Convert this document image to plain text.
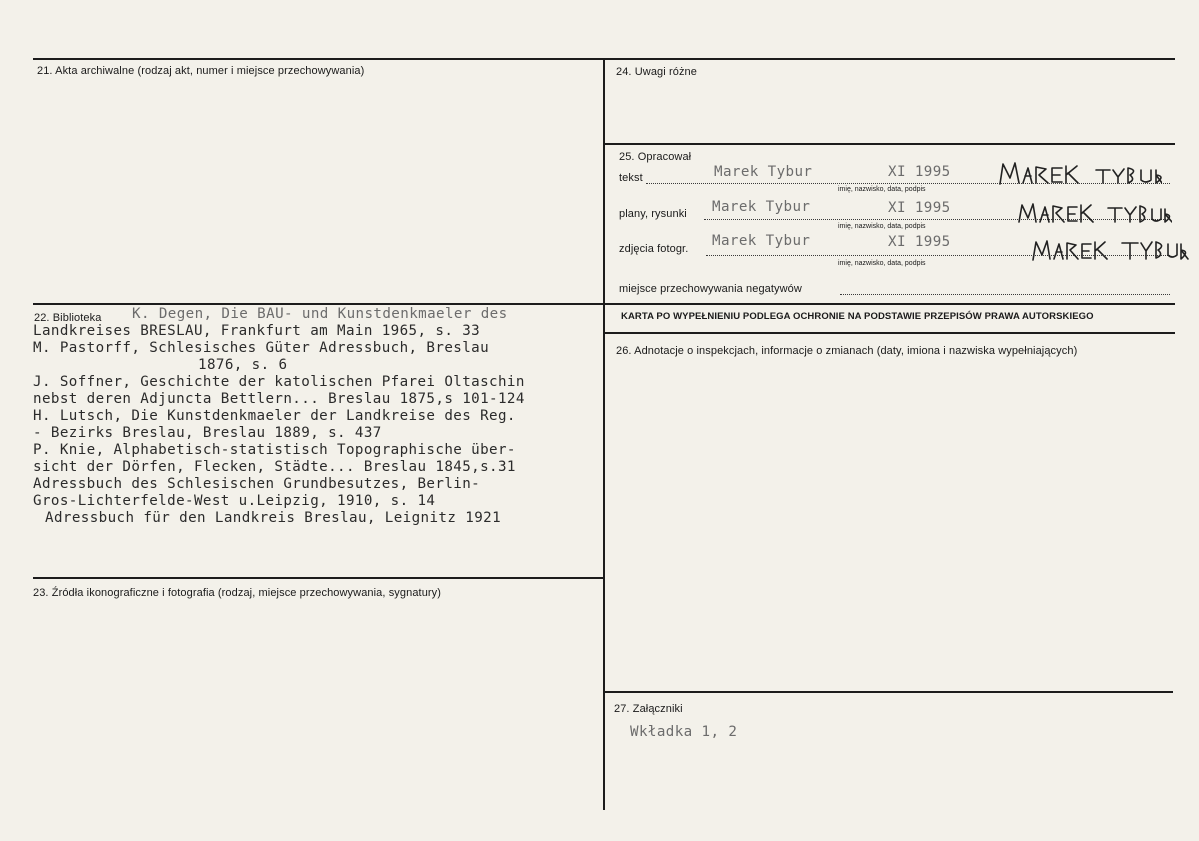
21. Akta archiwalne (rodzaj akt, numer i miejsce przechowywania)
22. Biblioteka K. Degen, Die BAU- und Kunstdenkmaeler des
Landkreises BRESLAU, Frankfurt am Main 1965, s. 33
M. Pastorff, Schlesisches Güter Adressbuch, Breslau
1876, s. 6
J. Soffner, Geschichte der katolischen Pfarei Oltaschin
nebst deren Adjuncta Bettlern... Breslau 1875,s 101-124
H. Lutsch, Die Kunstdenkmaeler der Landkreise des Reg.
- Bezirks Breslau, Breslau 1889, s. 437
P. Knie, Alphabetisch-statistisch Topographische über-
sicht der Dörfen, Flecken, Städte... Breslau 1845,s.31
Adressbuch des Schlesischen Grundbesutzes, Berlin-
Gros-Lichterfelde-West u.Leipzig, 1910, s. 14
Adressbuch für den Landkreis Breslau, Leignitz 1921
23. Źródła ikonograficzne i fotografia (rodzaj, miejsce przechowywania, sygnatury)
24. Uwagi różne
25. Opracował
tekst	Marek Tybur	XI 1995
imię, nazwisko, data, podpis
plany, rysunki Marek Tybur	XI 1995
imię, nazwisko, data, podpis
zdjęcia fotogr. Marek Tybur	XI 1995
imię, nazwisko, data, podpis
miejsce przechowywania negatywów
KARTA PO WYPEŁNIENIU PODLEGA OCHRONIE NA PODSTAWIE PRZEPISÓW PRAWA AUTORSKIEGO
26. Adnotacje o inspekcjach, informacje o zmianach (daty, imiona i nazwiska wypełniających)
27. Załączniki
Wkładka 1, 2
